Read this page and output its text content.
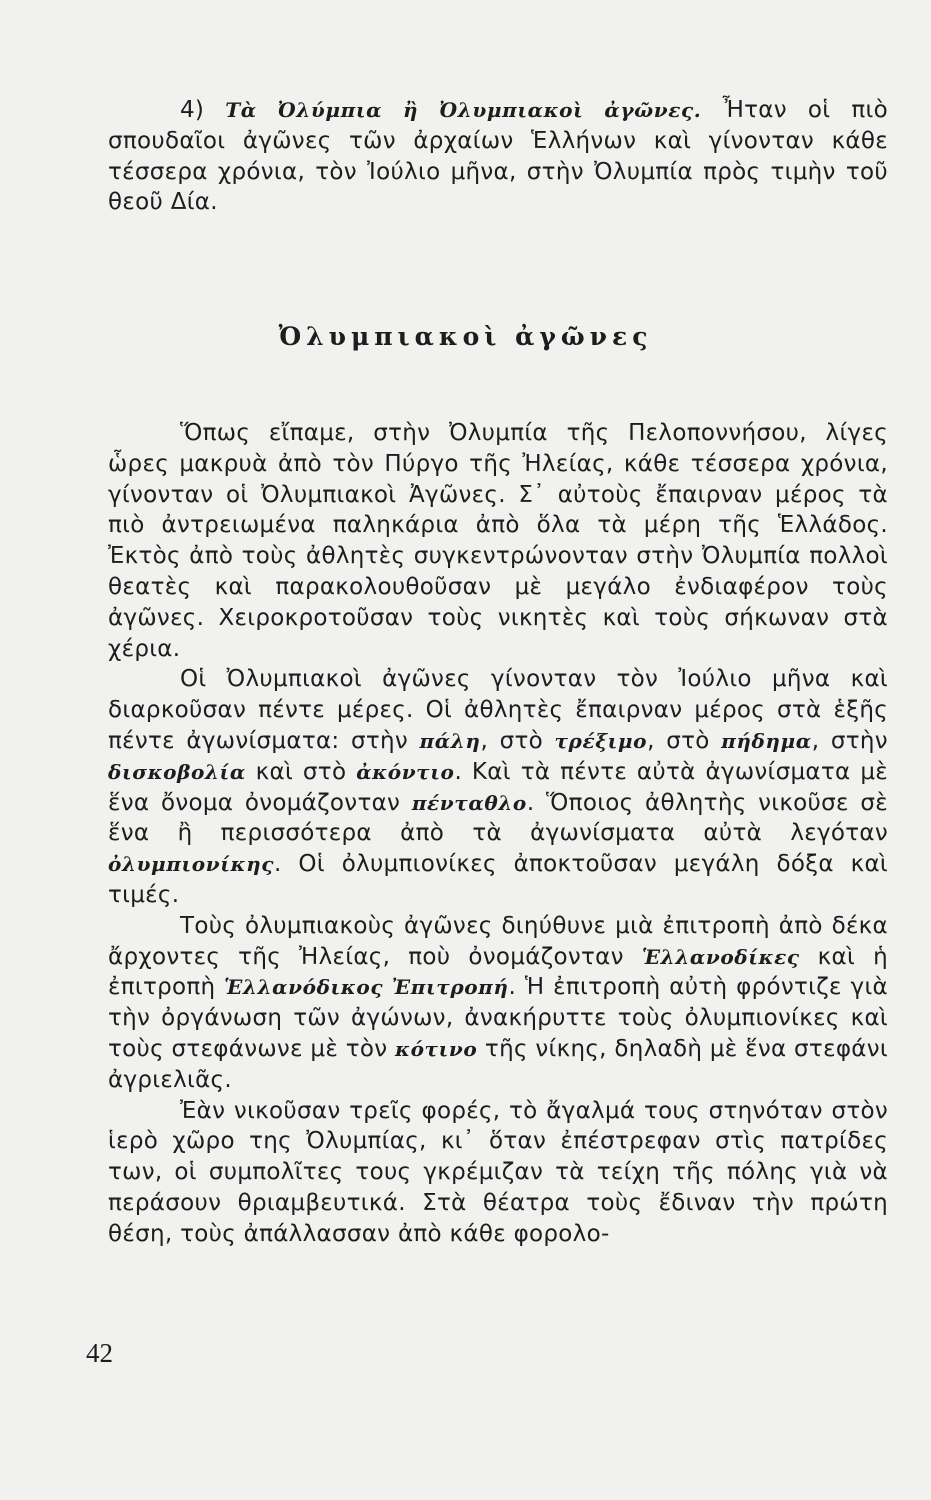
4) Τὰ Ὀλύμπια ἢ Ὀλυμπιακοὶ ἀγῶνες. Ἦταν οἱ πιὸ σπουδαῖοι ἀγῶνες τῶν ἀρχαίων Ἑλλήνων καὶ γίνονταν κάθε τέσσερα χρόνια, τὸν Ἰούλιο μῆνα, στὴν Ὀλυμπία πρὸς τιμὴν τοῦ θεοῦ Δία.

Ὀλυμπιακοὶ ἀγῶνες

Ὅπως εἴπαμε, στὴν Ὀλυμπία τῆς Πελοποννήσου, λίγες ὧρες μακρυὰ ἀπὸ τὸν Πύργο τῆς Ἠλείας, κάθε τέσσερα χρόνια, γίνονταν οἱ Ὀλυμπιακοὶ Ἀγῶνες. Σ᾽ αὐτοὺς ἔπαιρναν μέρος τὰ πιὸ ἀντρειωμένα παληκάρια ἀπὸ ὅλα τὰ μέρη τῆς Ἑλλάδος. Ἐκτὸς ἀπὸ τοὺς ἀθλητὲς συγκεντρώνονταν στὴν Ὀλυμπία πολλοὶ θεατὲς καὶ παρακολουθοῦσαν μὲ μεγάλο ἐνδιαφέρον τοὺς ἀγῶνες. Χειροκροτοῦσαν τοὺς νικητὲς καὶ τοὺς σήκωναν στὰ χέρια.

Οἱ Ὀλυμπιακοὶ ἀγῶνες γίνονταν τὸν Ἰούλιο μῆνα καὶ διαρκοῦσαν πέντε μέρες. Οἱ ἀθλητὲς ἔπαιρναν μέρος στὰ ἑξῆς πέντε ἀγωνίσματα: στὴν πάλη, στὸ τρέξιμο, στὸ πήδημα, στὴν δισκοβολία καὶ στὸ ἀκόντιο. Καὶ τὰ πέντε αὐτὰ ἀγωνίσματα μὲ ἕνα ὄνομα ὀνομάζονταν πένταθλο. Ὅποιος ἀθλητὴς νικοῦσε σὲ ἕνα ἢ περισσότερα ἀπὸ τὰ ἀγωνίσματα αὐτὰ λεγόταν ὀλυμπιονίκης. Οἱ ὀλυμπιονίκες ἀποκτοῦσαν μεγάλη δόξα καὶ τιμές.

Τοὺς ὀλυμπιακοὺς ἀγῶνες διηύθυνε μιὰ ἐπιτροπὴ ἀπὸ δέκα ἄρχοντες τῆς Ἠλείας, ποὺ ὀνομάζονταν Ἑλλανοδίκες καὶ ἡ ἐπιτροπὴ Ἑλλανόδικος Ἐπιτροπή. Ἡ ἐπιτροπὴ αὐτὴ φρόντιζε γιὰ τὴν ὀργάνωση τῶν ἀγώνων, ἀνακήρυττε τοὺς ὀλυμπιονίκες καὶ τοὺς στεφάνωνε μὲ τὸν κότινο τῆς νίκης, δηλαδὴ μὲ ἕνα στεφάνι ἀγριελιᾶς.

Ἐὰν νικοῦσαν τρεῖς φορές, τὸ ἄγαλμά τους στηνόταν στὸν ἱερὸ χῶρο της Ὀλυμπίας, κι᾽ ὅταν ἐπέστρεφαν στὶς πατρίδες των, οἱ συμπολῖτες τους γκρέμιζαν τὰ τείχη τῆς πόλης γιὰ νὰ περάσουν θριαμβευτικά. Στὰ θέατρα τοὺς ἔδιναν τὴν πρώτη θέση, τοὺς ἀπάλλασσαν ἀπὸ κάθε φορολο-

42
